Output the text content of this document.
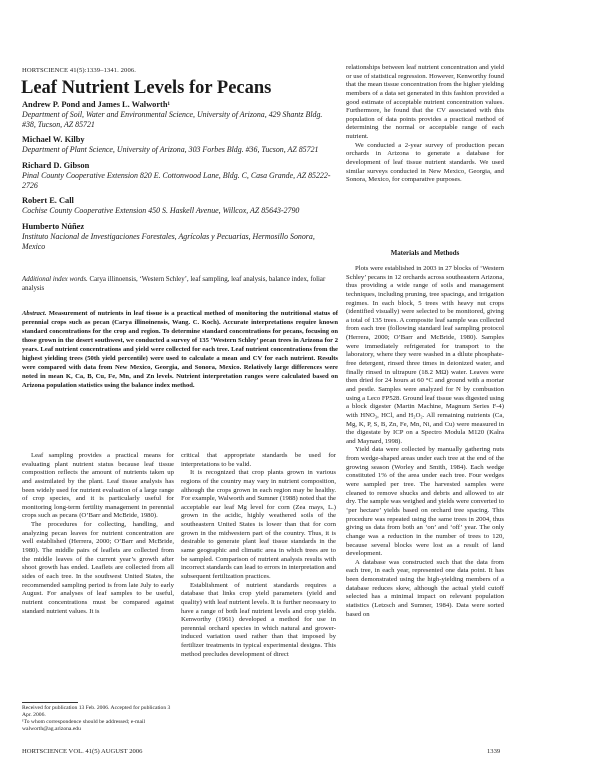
HORTSCIENCE 41(5):1339–1341. 2006.
Leaf Nutrient Levels for Pecans
Andrew P. Pond and James L. Walworth¹
Department of Soil, Water and Environmental Science, University of Arizona, 429 Shantz Bldg. #38, Tucson, AZ 85721
Michael W. Kilby
Department of Plant Science, University of Arizona, 303 Forbes Bldg. #36, Tucson, AZ 85721
Richard D. Gibson
Pinal County Cooperative Extension 820 E. Cottonwood Lane, Bldg. C, Casa Grande, AZ 85222-2726
Robert E. Call
Cochise County Cooperative Extension 450 S. Haskell Avenue, Willcox, AZ 85643-2790
Humberto Núñez
Instituto Nacional de Investigaciones Forestales, Agrícolas y Pecuarias, Hermosillo Sonora, Mexico
Additional index words. Carya illinoensis, ‘Western Schley’, leaf sampling, leaf analysis, balance index, foliar analysis
Abstract. Measurement of nutrients in leaf tissue is a practical method of monitoring the nutritional status of perennial crops such as pecan (Carya illinoinensis, Wang. C. Koch). Accurate interpretations require known standard concentrations for the crop and region. To determine standard concentrations for pecans, focusing on those grown in the desert southwest, we conducted a survey of 135 ‘Western Schley’ pecan trees in Arizona for 2 years. Leaf nutrient concentrations and yield were collected for each tree. Leaf nutrient concentrations from the highest yielding trees (50th yield percentile) were used to calculate a mean and CV for each nutrient. Results were compared with data from New Mexico, Georgia, and Sonora, Mexico. Relatively large differences were noted in mean K, Ca, B, Cu, Fe, Mn, and Zn levels. Nutrient interpretation ranges were calculated based on Arizona population statistics using the balance index method.

Leaf sampling provides a practical means for evaluating plant nutrient status because leaf tissue composition reflects the amount of nutrients taken up and assimilated by the plant. Leaf tissue analysis has been widely used for nutrient evaluation of a large range of crop species, and it is particularly useful for monitoring long-term fertility management in perennial crops such as pecans (O’Barr and McBride, 1980).

The procedures for collecting, handling, and analyzing pecan leaves for nutrient concentration are well established (Herrera, 2000; O’Barr and McBride, 1980). The middle pairs of leaflets are collected from the middle leaves of the current year’s growth after shoot growth has ended. Leaflets are collected from all sides of each tree. In the southwest United States, the recommended sampling period is from late July to early August. For analyses of leaf samples to be useful, nutrient concentrations must be compared against standard nutrient values. It is

critical that appropriate standards be used for interpretations to be valid.

It is recognized that crop plants grown in various regions of the country may vary in nutrient composition, although the crops grown in each region may be healthy. For example, Walworth and Sumner (1988) noted that the acceptable ear leaf Mg level for corn (Zea mays, L.) grown in the acidic, highly weathered soils of the southeastern United States is lower than that for corn grown in the midwestern part of the country. Thus, it is desirable to generate plant leaf tissue standards in the same geographic and climatic area in which trees are to be sampled. Comparison of nutrient analysis results with incorrect standards can lead to errors in interpretation and subsequent fertilization practices.

Establishment of nutrient standards requires a database that links crop yield parameters (yield and quality) with leaf nutrient levels. It is further necessary to have a range of both leaf nutrient levels and crop yields. Kenworthy (1961) developed a method for use in perennial orchard species in which natural and grower-induced variation used rather than that imposed by fertilizer treatments in typical experimental designs. This method precludes development of direct

relationships between leaf nutrient concentration and yield or use of statistical regression. However, Kenworthy found that the mean tissue concentration from the higher yielding members of a data set generated in this fashion provided a good estimate of acceptable nutrient concentration values. Furthermore, he found that the CV associated with this population of data points provides a practical method of determining the normal or acceptable range of each nutrient.

We conducted a 2-year survey of production pecan orchards in Arizona to generate a database for development of leaf tissue nutrient standards. We used similar surveys conducted in New Mexico, Georgia, and Sonora, Mexico, for comparative purposes.

Materials and Methods

Plots were established in 2003 in 27 blocks of ‘Western Schley’ pecans in 12 orchards across southeastern Arizona, thus providing a wide range of soils and management techniques, including pruning, tree spacings, and irrigation regimes. In each block, 5 trees with heavy nut crops (identified visually) were selected to be monitored, giving a total of 135 trees. A composite leaf sample was collected from each tree (following standard leaf sampling protocol (Herrera, 2000; O’Barr and McBride, 1980). Samples were immediately refrigerated for transport to the laboratory, where they were washed in a dilute phosphate-free detergent, rinsed three times in deionized water, and finally rinsed in ultrapure (18.2 MΩ) water. Leaves were then dried for 24 hours at 60 °C and ground with a mortar and pestle. Samples were analyzed for N by combustion using a Leco FP528. Ground leaf tissue was digested using a block digester (Martin Machine, Magnum Series F-4) with HNO₃, HCl, and H₂O₂. All remaining nutrients (Ca, Mg, K, P, S, B, Zn, Fe, Mn, Ni, and Cu) were measured in the digestate by ICP on a Spectro Modula M120 (Kalra and Maynard, 1998).

Yield data were collected by manually gathering nuts from wedge-shaped areas under each tree at the end of the growing season (Worley and Smith, 1984). Each wedge constituted 1% of the area under each tree. Four wedges were sampled per tree. The harvested samples were cleaned to remove shucks and debris and allowed to air dry. The sample was weighed and yields were converted to ‘per hectare’ yields based on orchard tree spacing. This procedure was repeated using the same trees in 2004, thus giving us data from both an ‘on’ and ‘off’ year. The only change was a reduction in the number of trees to 120, because several blocks were lost as a result of land development.

A database was constructed such that the data from each tree, in each year, represented one data point. It has been demonstrated using the high-yielding members of a database reduces skew, although the actual yield cutoff selected has a minimal impact on relevant population statistics (Letzsch and Sumner, 1984). Data were sorted based on

Received for publication 13 Feb. 2006. Accepted for publication 3 Apr. 2006.
¹To whom correspondence should be addressed; e-mail walworth@ag.arizona.edu
HORTSCIENCE VOL. 41(5) AUGUST 2006	1339
